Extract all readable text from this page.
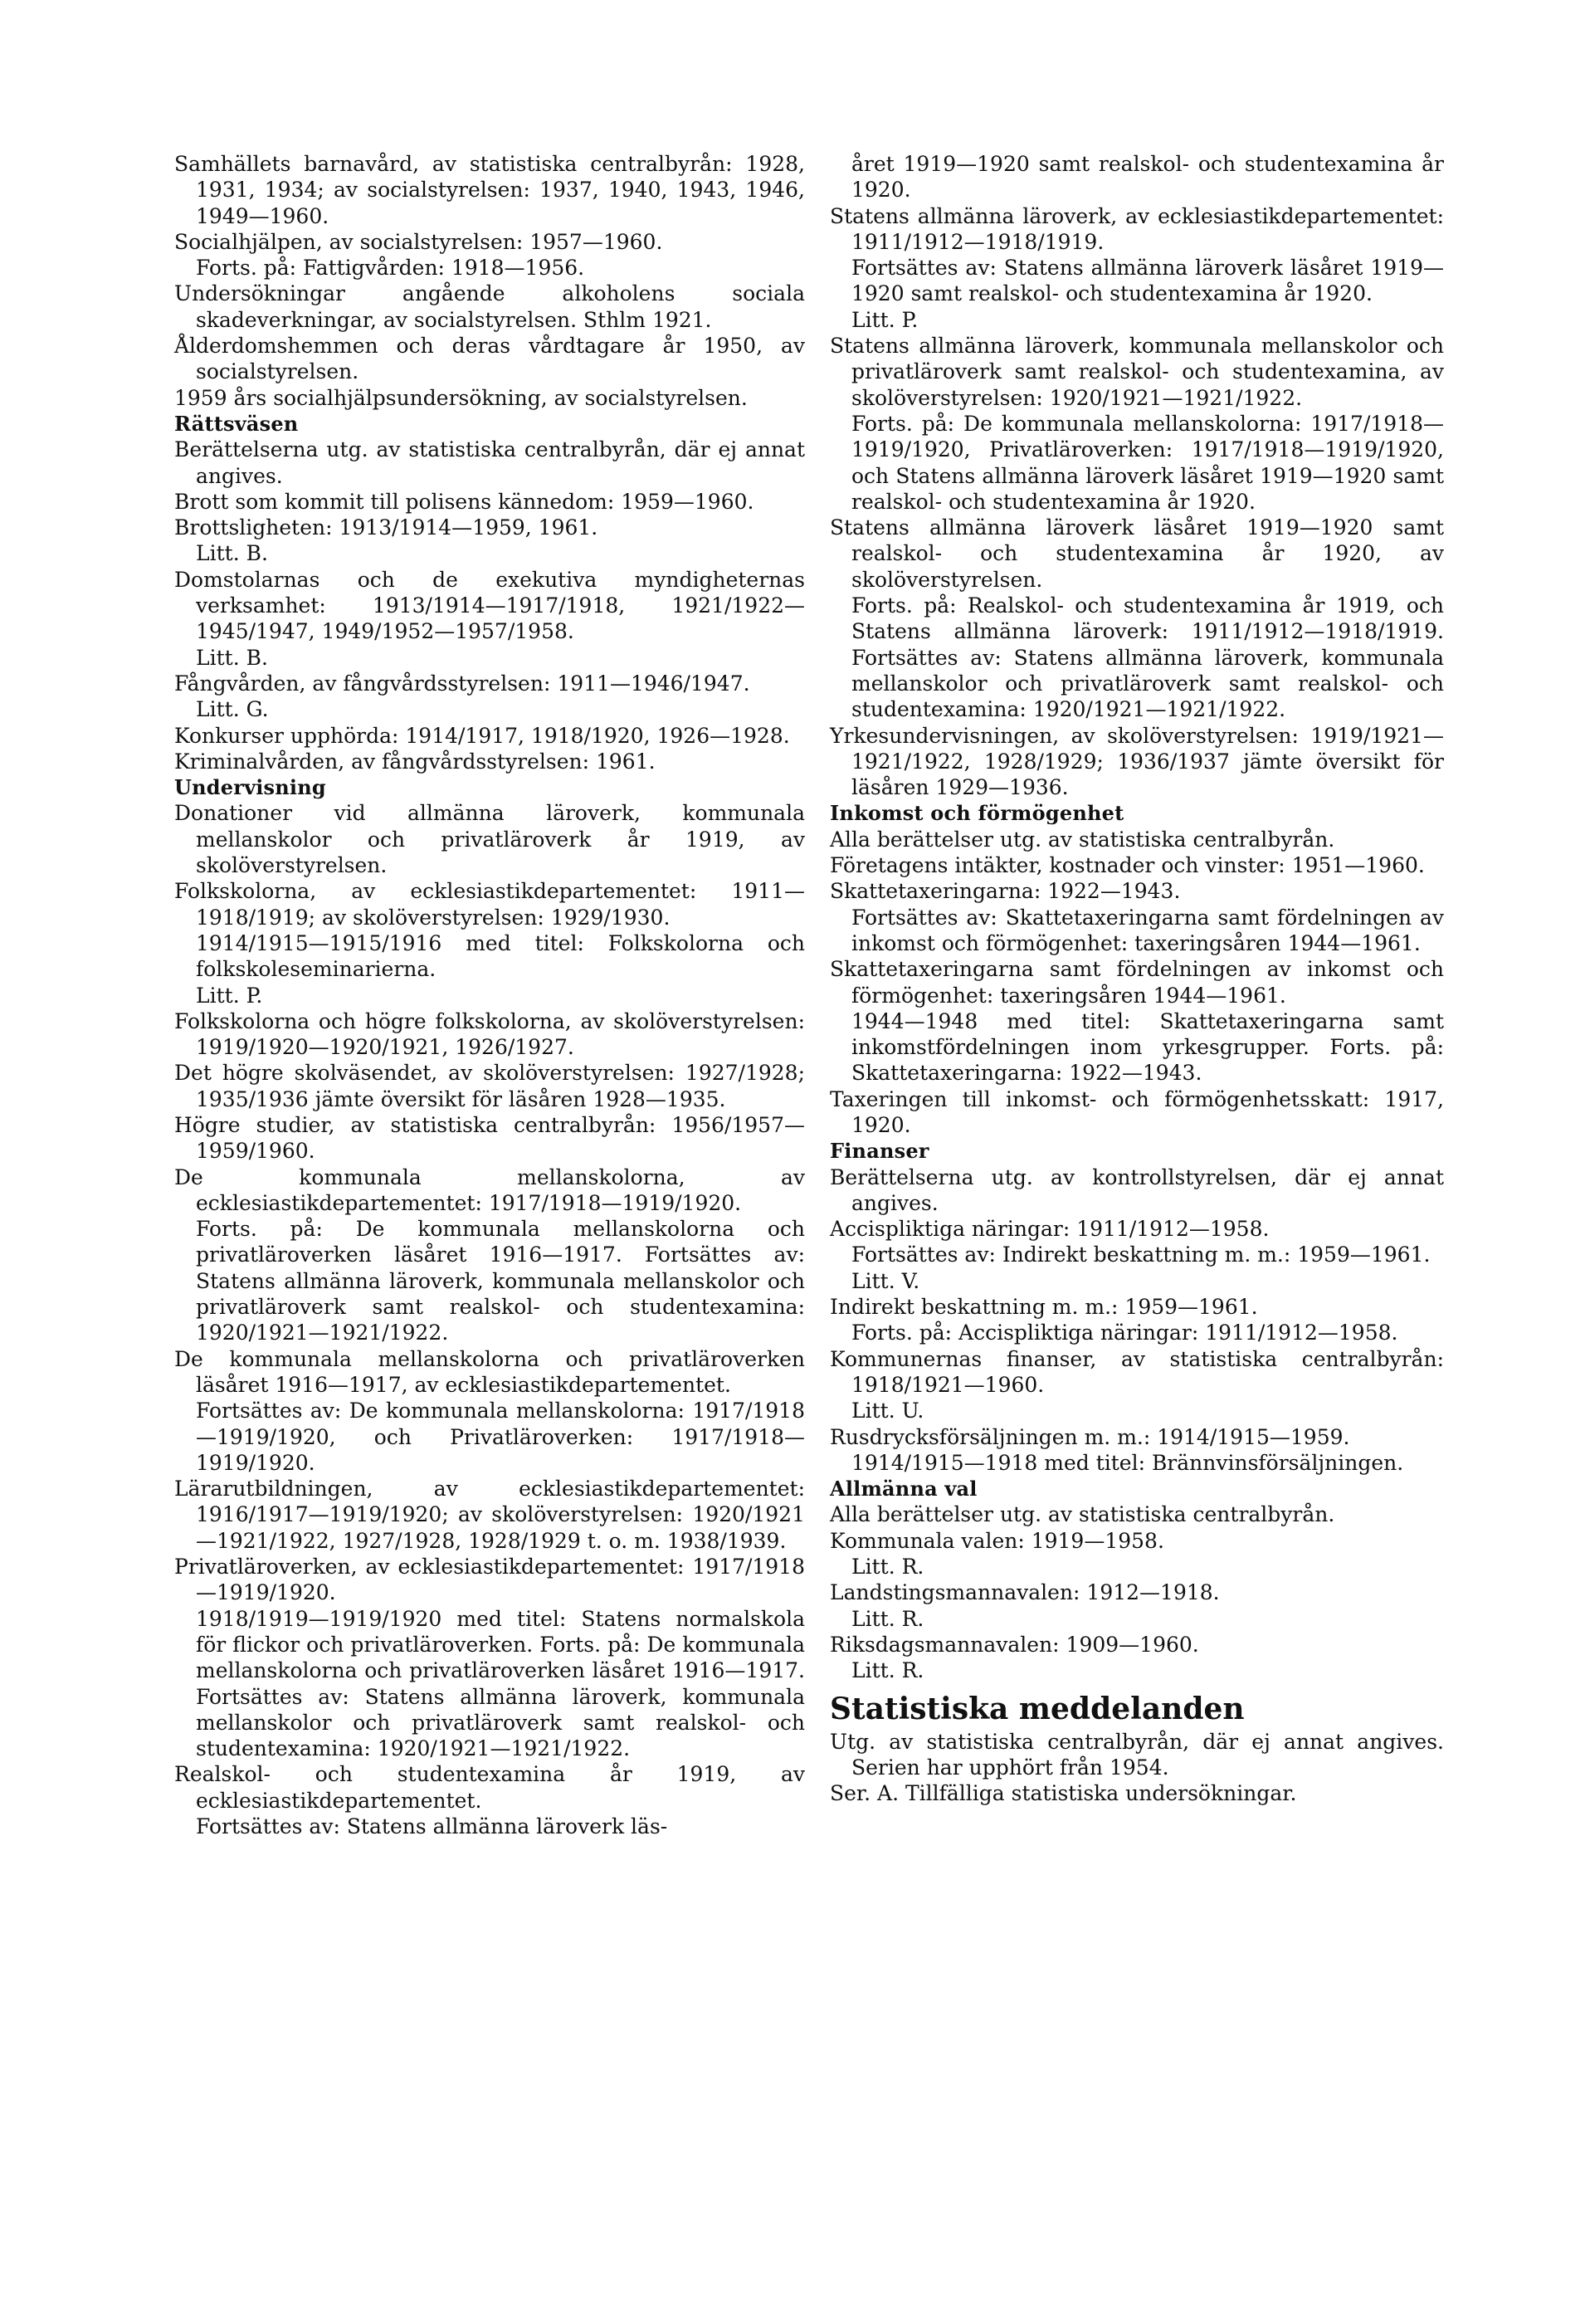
Samhällets barnavård, av statistiska centralbyrån: 1928, 1931, 1934; av socialstyrelsen: 1937, 1940, 1943, 1946, 1949—1960.

Socialhjälpen, av socialstyrelsen: 1957—1960.

Forts. på: Fattigvården: 1918—1956.

Undersökningar angående alkoholens sociala skadeverkningar, av socialstyrelsen. Sthlm 1921.

Ålderdomshemmen och deras vårdtagare år 1950, av socialstyrelsen.

1959 års socialhjälpsundersökning, av socialstyrelsen.

Rättsväsen

Berättelserna utg. av statistiska centralbyrån, där ej annat angives.

Brott som kommit till polisens kännedom: 1959—1960.

Brottsligheten: 1913/1914—1959, 1961.

Litt. B.

Domstolarnas och de exekutiva myndigheternas verksamhet: 1913/1914—1917/1918, 1921/1922—1945/1947, 1949/1952—1957/1958.

Litt. B.

Fångvården, av fångvårdsstyrelsen: 1911—1946/1947.

Litt. G.

Konkurser upphörda: 1914/1917, 1918/1920, 1926—1928.

Kriminalvården, av fångvårdsstyrelsen: 1961.

Undervisning

Donationer vid allmänna läroverk, kommunala mellanskolor och privatläroverk år 1919, av skolöverstyrelsen.

Folkskolorna, av ecklesiastikdepartementet: 1911—1918/1919; av skolöverstyrelsen: 1929/1930.

1914/1915—1915/1916 med titel: Folkskolorna och folkskoleseminarierna.

Litt. P.

Folkskolorna och högre folkskolorna, av skolöverstyrelsen: 1919/1920—1920/1921, 1926/1927.

Det högre skolväsendet, av skolöverstyrelsen: 1927/1928; 1935/1936 jämte översikt för läsåren 1928—1935.

Högre studier, av statistiska centralbyrån: 1956/1957—1959/1960.

De kommunala mellanskolorna, av ecklesiastikdepartementet: 1917/1918—1919/1920.

Forts. på: De kommunala mellanskolorna och privatläroverken läsåret 1916—1917. Fortsättes av: Statens allmänna läroverk, kommunala mellanskolor och privatläroverk samt realskol- och studentexamina: 1920/1921—1921/1922.

De kommunala mellanskolorna och privatläroverken läsåret 1916—1917, av ecklesiastikdepartementet.

Fortsättes av: De kommunala mellanskolorna: 1917/1918—1919/1920, och Privatläroverken: 1917/1918—1919/1920.

Lärarutbildningen, av ecklesiastikdepartementet: 1916/1917—1919/1920; av skolöverstyrelsen: 1920/1921—1921/1922, 1927/1928, 1928/1929 t. o. m. 1938/1939.

Privatläroverken, av ecklesiastikdepartementet: 1917/1918—1919/1920.

1918/1919—1919/1920 med titel: Statens normalskola för flickor och privatläroverken. Forts. på: De kommunala mellanskolorna och privatläroverken läsåret 1916—1917. Fortsättes av: Statens allmänna läroverk, kommunala mellanskolor och privatläroverk samt realskol- och studentexamina: 1920/1921—1921/1922.

Realskol- och studentexamina år 1919, av ecklesiastikdepartementet.

Fortsättes av: Statens allmänna läroverk läs-

året 1919—1920 samt realskol- och studentexamina år 1920.

Statens allmänna läroverk, av ecklesiastikdepartementet: 1911/1912—1918/1919.

Fortsättes av: Statens allmänna läroverk läsåret 1919—1920 samt realskol- och studentexamina år 1920.

Litt. P.

Statens allmänna läroverk, kommunala mellanskolor och privatläroverk samt realskol- och studentexamina, av skolöverstyrelsen: 1920/1921—1921/1922.

Forts. på: De kommunala mellanskolorna: 1917/1918—1919/1920, Privatläroverken: 1917/1918—1919/1920, och Statens allmänna läroverk läsåret 1919—1920 samt realskol- och studentexamina år 1920.

Statens allmänna läroverk läsåret 1919—1920 samt realskol- och studentexamina år 1920, av skolöverstyrelsen.

Forts. på: Realskol- och studentexamina år 1919, och Statens allmänna läroverk: 1911/1912—1918/1919. Fortsättes av: Statens allmänna läroverk, kommunala mellanskolor och privatläroverk samt realskol- och studentexamina: 1920/1921—1921/1922.

Yrkesundervisningen, av skolöverstyrelsen: 1919/1921—1921/1922, 1928/1929; 1936/1937 jämte översikt för läsåren 1929—1936.

Inkomst och förmögenhet

Alla berättelser utg. av statistiska centralbyrån.

Företagens intäkter, kostnader och vinster: 1951—1960.

Skattetaxeringarna: 1922—1943.

Fortsättes av: Skattetaxeringarna samt fördelningen av inkomst och förmögenhet: taxeringsåren 1944—1961.

Skattetaxeringarna samt fördelningen av inkomst och förmögenhet: taxeringsåren 1944—1961.

1944—1948 med titel: Skattetaxeringarna samt inkomstfördelningen inom yrkesgrupper. Forts. på: Skattetaxeringarna: 1922—1943.

Taxeringen till inkomst- och förmögenhetsskatt: 1917, 1920.

Finanser

Berättelserna utg. av kontrollstyrelsen, där ej annat angives.

Accispliktiga näringar: 1911/1912—1958.

Fortsättes av: Indirekt beskattning m. m.: 1959—1961.

Litt. V.

Indirekt beskattning m. m.: 1959—1961.

Forts. på: Accispliktiga näringar: 1911/1912—1958.

Kommunernas finanser, av statistiska centralbyrån: 1918/1921—1960.

Litt. U.

Rusdrycksförsäljningen m. m.: 1914/1915—1959.

1914/1915—1918 med titel: Brännvinsförsäljningen.

Allmänna val

Alla berättelser utg. av statistiska centralbyrån.

Kommunala valen: 1919—1958.

Litt. R.

Landstingsmannavalen: 1912—1918.

Litt. R.

Riksdagsmannavalen: 1909—1960.

Litt. R.

Statistiska meddelanden

Utg. av statistiska centralbyrån, där ej annat angives. Serien har upphört från 1954.

Ser. A. Tillfälliga statistiska undersökningar.
